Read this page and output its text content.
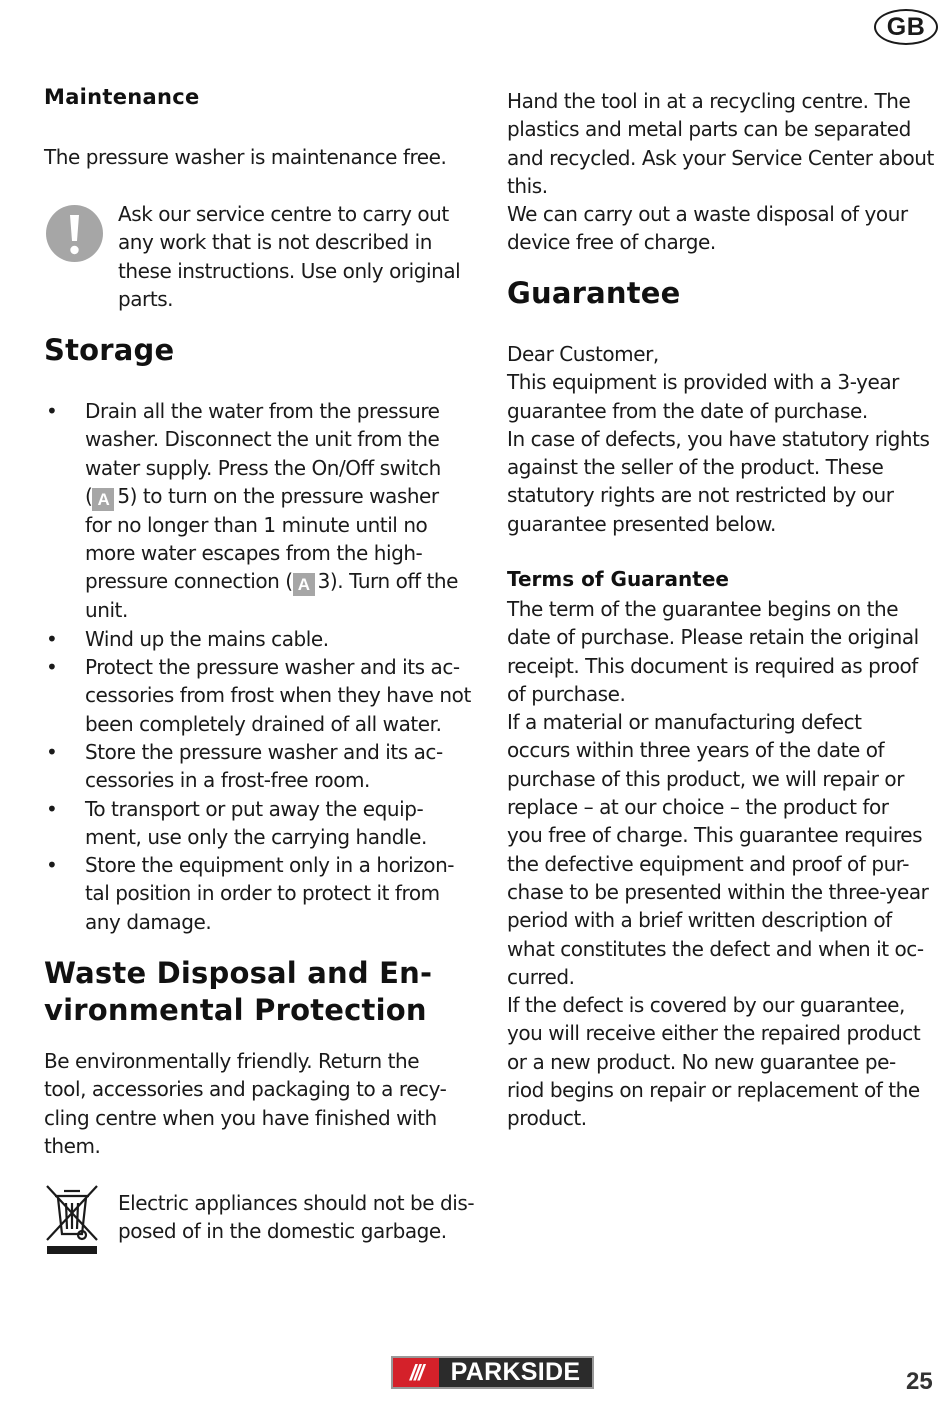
GB
Maintenance

The pressure washer is maintenance free.

Ask our service centre to carry out
any work that is not described in
these instructions. Use only original
parts.
Storage
• Drain all the water from the pressure
washer. Disconnect the unit from the
water supply. Press the On/Off switch
( A 5) to turn on the pressure washer
for no longer than 1 minute until no
more water escapes from the high-
pressure connection ( A 3). Turn off the
unit.
• Wind up the mains cable.
• Protect the pressure washer and its ac-
cessories from frost when they have not
been completely drained of all water.
• Store the pressure washer and its ac-
cessories in a frost-free room.
• To transport or put away the equip-
ment, use only the carrying handle.
• Store the equipment only in a horizon-
tal position in order to protect it from
any damage.
Waste Disposal and En-
vironmental Protection
Be environmentally friendly. Return the
tool, accessories and packaging to a recy-
cling centre when you have finished with
them.
Electric appliances should not be dis-
posed of in the domestic garbage.
Hand the tool in at a recycling centre. The
plastics and metal parts can be separated
and recycled. Ask your Service Center about
this.
We can carry out a waste disposal of your
device free of charge.
Guarantee
Dear Customer,
This equipment is provided with a 3-year
guarantee from the date of purchase.
In case of defects, you have statutory rights
against the seller of the product. These
statutory rights are not restricted by our
guarantee presented below.
Terms of Guarantee
The term of the guarantee begins on the
date of purchase. Please retain the original
receipt. This document is required as proof
of purchase.
If a material or manufacturing defect
occurs within three years of the date of
purchase of this product, we will repair or
replace – at our choice – the product for
you free of charge. This guarantee requires
the defective equipment and proof of pur-
chase to be presented within the three-year
period with a brief written description of
what constitutes the defect and when it oc-
curred.
If the defect is covered by our guarantee,
you will receive either the repaired product
or a new product. No new guarantee pe-
riod begins on repair or replacement of the
product.
///	PARKSIDE	25
